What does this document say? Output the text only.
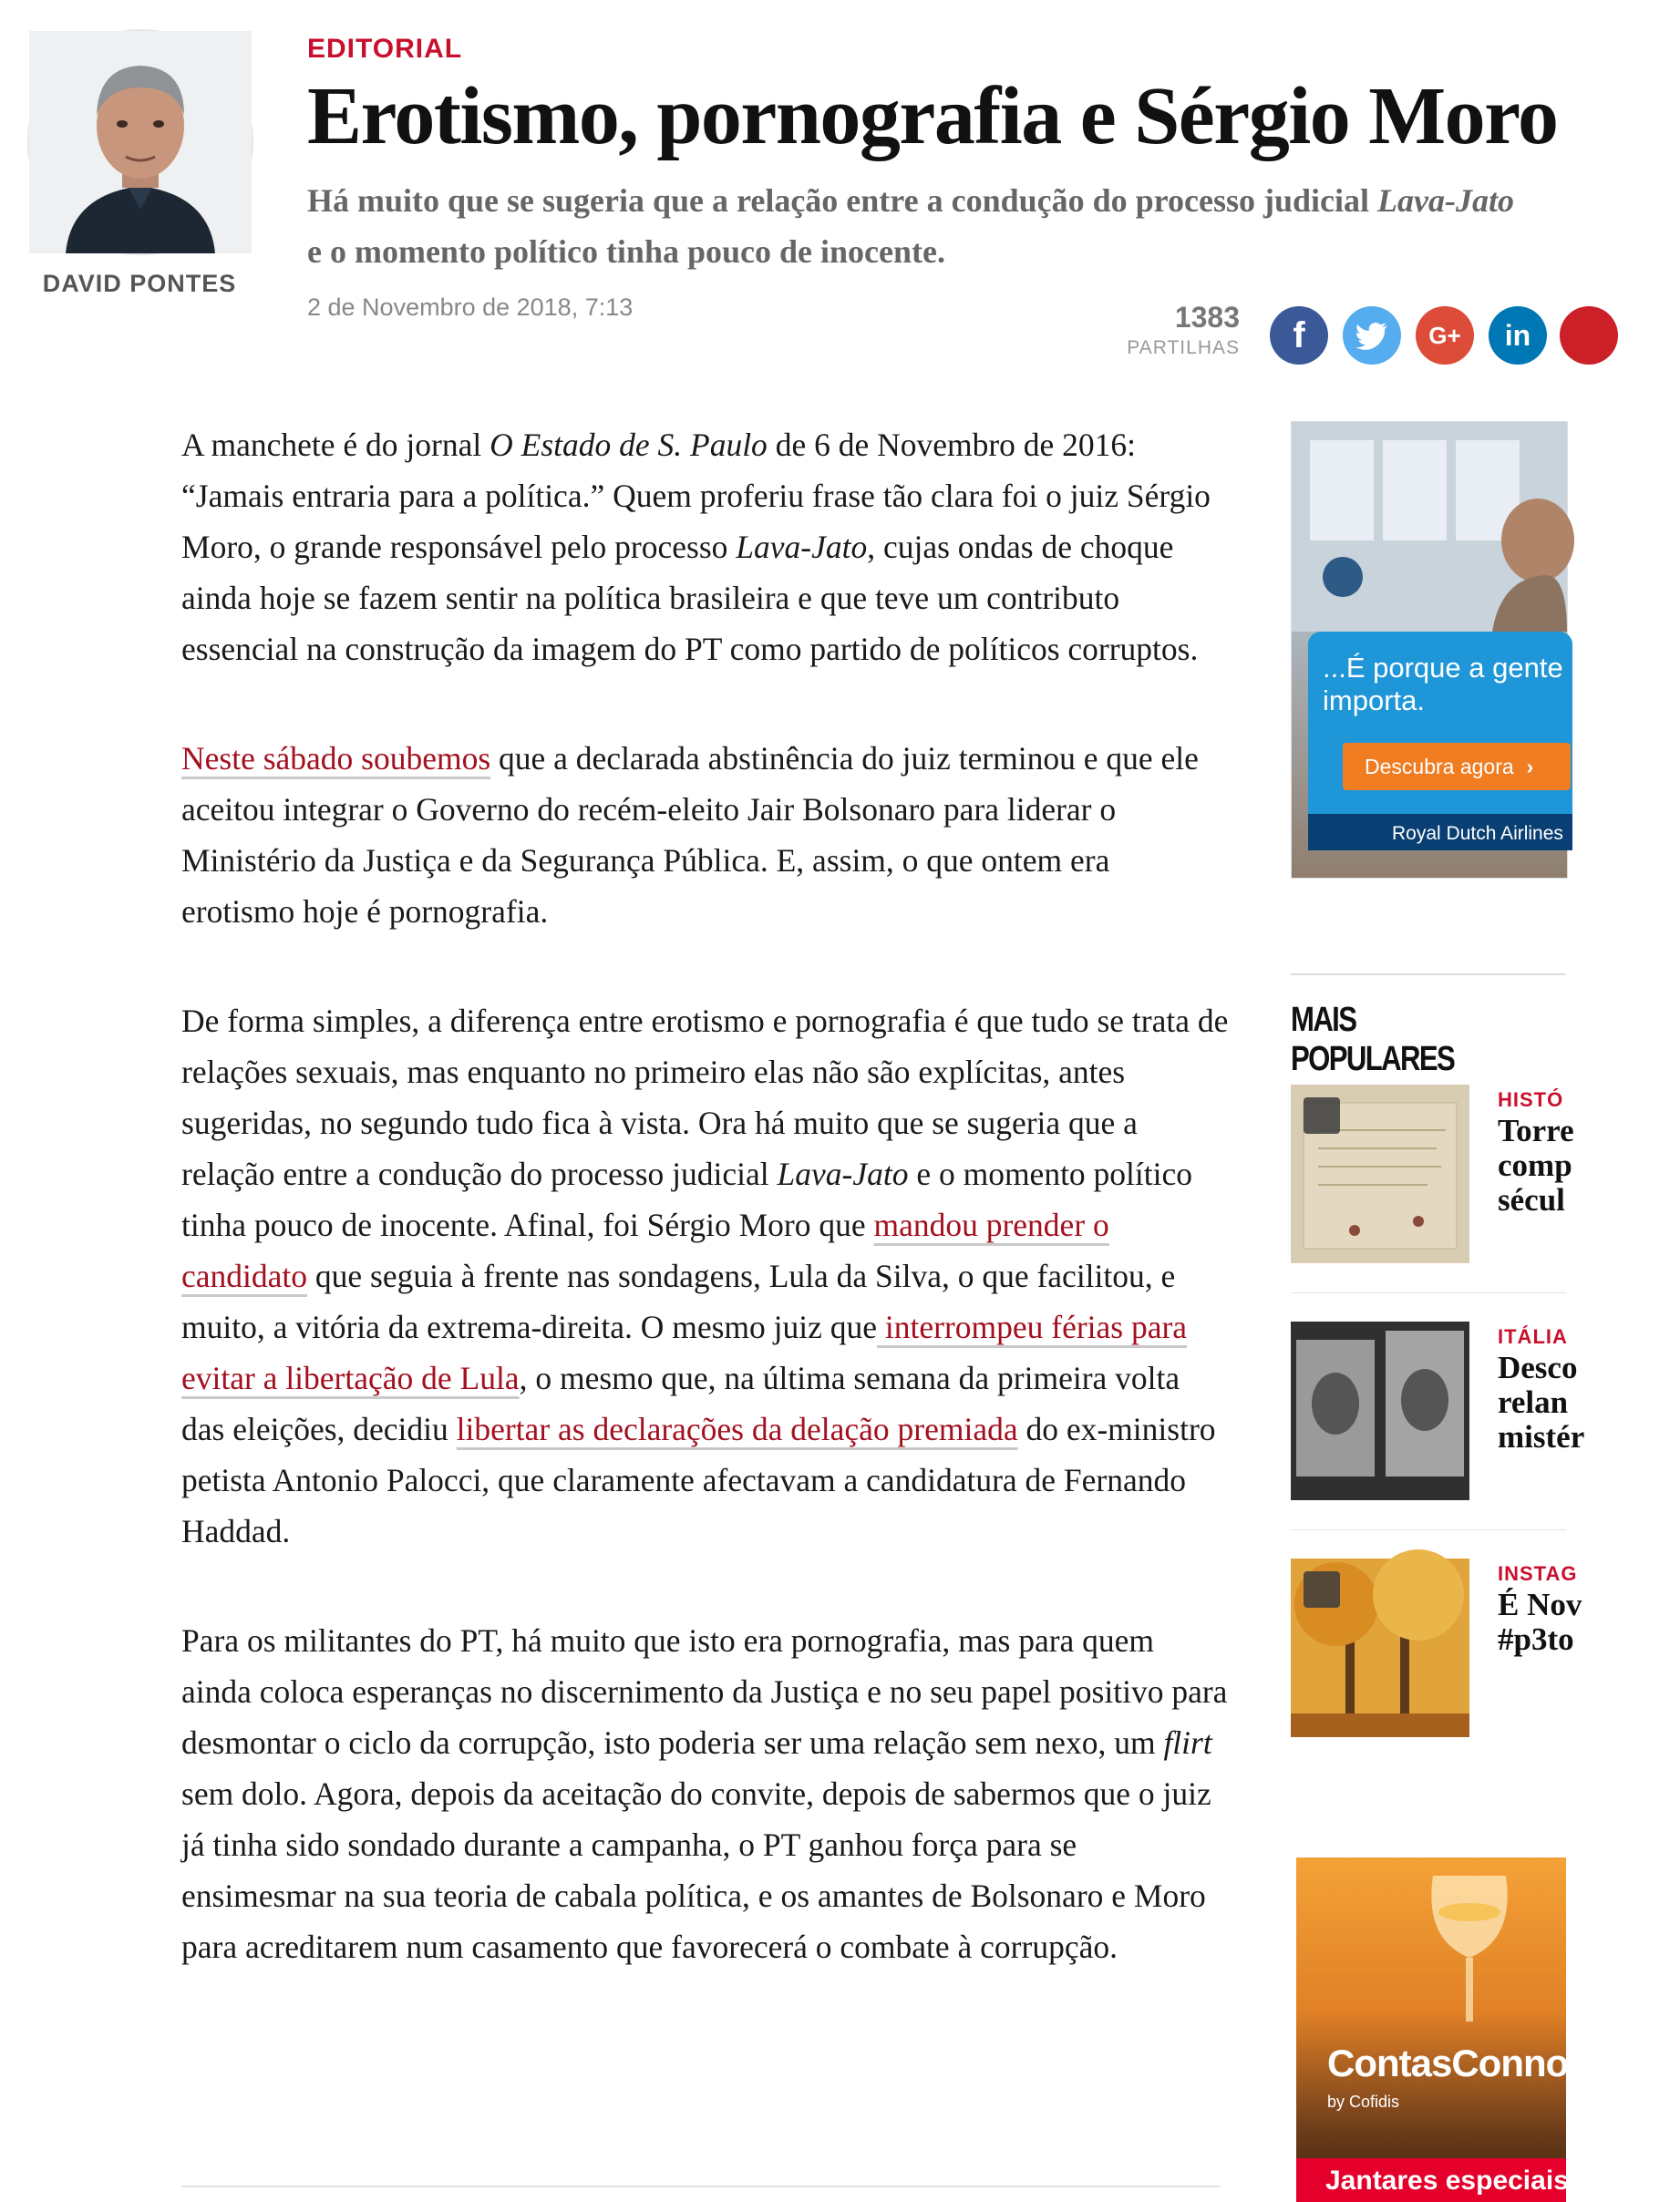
DAVID PONTES
EDITORIAL
Erotismo, pornografia e Sérgio Moro

Há muito que se sugeria que a relação entre a condução do processo judicial Lava-Jato e o momento político tinha pouco de inocente.

2 de Novembro de 2018, 7:13	1383
PARTILHAS f	G+ in

A manchete é do jornal O Estado de S. Paulo de 6 de Novembro de 2016: “Jamais entraria para a política.” Quem proferiu frase tão clara foi o juiz Sérgio Moro, o grande responsável pelo processo Lava-Jato, cujas ondas de choque ainda hoje se fazem sentir na política brasileira e que teve um contributo essencial na construção da imagem do PT como partido de políticos corruptos.

Neste sábado soubemos que a declarada abstinência do juiz terminou e que ele aceitou integrar o Governo do recém-eleito Jair Bolsonaro para liderar o Ministério da Justiça e da Segurança Pública. E, assim, o que ontem era erotismo hoje é pornografia.

De forma simples, a diferença entre erotismo e pornografia é que tudo se trata de relações sexuais, mas enquanto no primeiro elas não são explícitas, antes sugeridas, no segundo tudo fica à vista. Ora há muito que se sugeria que a relação entre a condução do processo judicial Lava-Jato e o momento político tinha pouco de inocente. Afinal, foi Sérgio Moro que mandou prender o candidato que seguia à frente nas sondagens, Lula da Silva, o que facilitou, e muito, a vitória da extrema-direita. O mesmo juiz que interrompeu férias para evitar a libertação de Lula, o mesmo que, na última semana da primeira volta das eleições, decidiu libertar as declarações da delação premiada do ex-ministro petista Antonio Palocci, que claramente afectavam a candidatura de Fernando Haddad.

Para os militantes do PT, há muito que isto era pornografia, mas para quem ainda coloca esperanças no discernimento da Justiça e no seu papel positivo para desmontar o ciclo da corrupção, isto poderia ser uma relação sem nexo, um flirt sem dolo. Agora, depois da aceitação do convite, depois de sabermos que o juiz já tinha sido sondado durante a campanha, o PT ganhou força para se ensimesmar na sua teoria de cabala política, e os amantes de Bolsonaro e Moro para acreditarem num casamento que favorecerá o combate à corrupção.

...É porque a gente
importa.
Descubra agora ›
Royal Dutch Airlines
MAIS POPULARES
HISTÓ
Torre
comp
sécul
ITÁLIA
Desco
relan
mistér
INSTAG
É Nov
#p3to
ContasConnosco
by Cofidis
Jantares especiais
